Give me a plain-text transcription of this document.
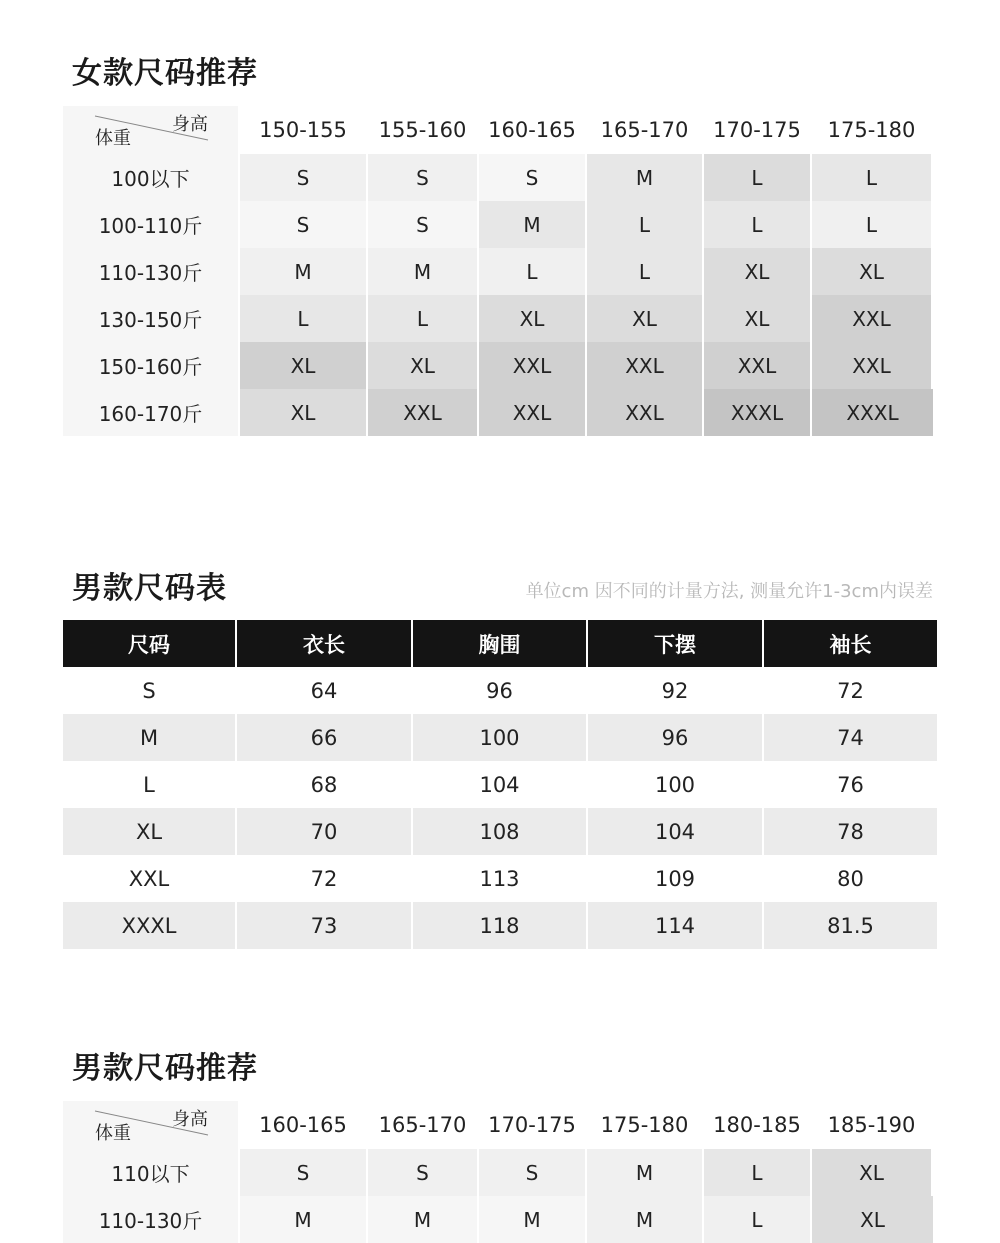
女款尺码推荐
身高
体重	150-155	155-160	160-165	165-170	170-175	175-180
100以下	S	S	S	M	L	L
100-110斤	S	S	M	L	L	L
110-130斤	M	M	L	L	XL	XL
130-150斤	L	L	XL	XL	XL	XXL
150-160斤	XL	XL	XXL	XXL	XXL	XXL
160-170斤	XL	XXL	XXL	XXL	XXXL	XXXL
男款尺码表	单位cm 因不同的计量方法, 测量允许1-3cm内误差
尺码	衣长	胸围	下摆	袖长
S	64	96	92	72
M	66	100	96	74
L	68	104	100	76
XL	70	108	104	78
XXL	72	113	109	80
XXXL	73	118	114	81.5
男款尺码推荐
身高
体重	160-165	165-170	170-175	175-180	180-185	185-190
110以下	S	S	S	M	L	XL
110-130斤	M	M	M	M	L	XL
